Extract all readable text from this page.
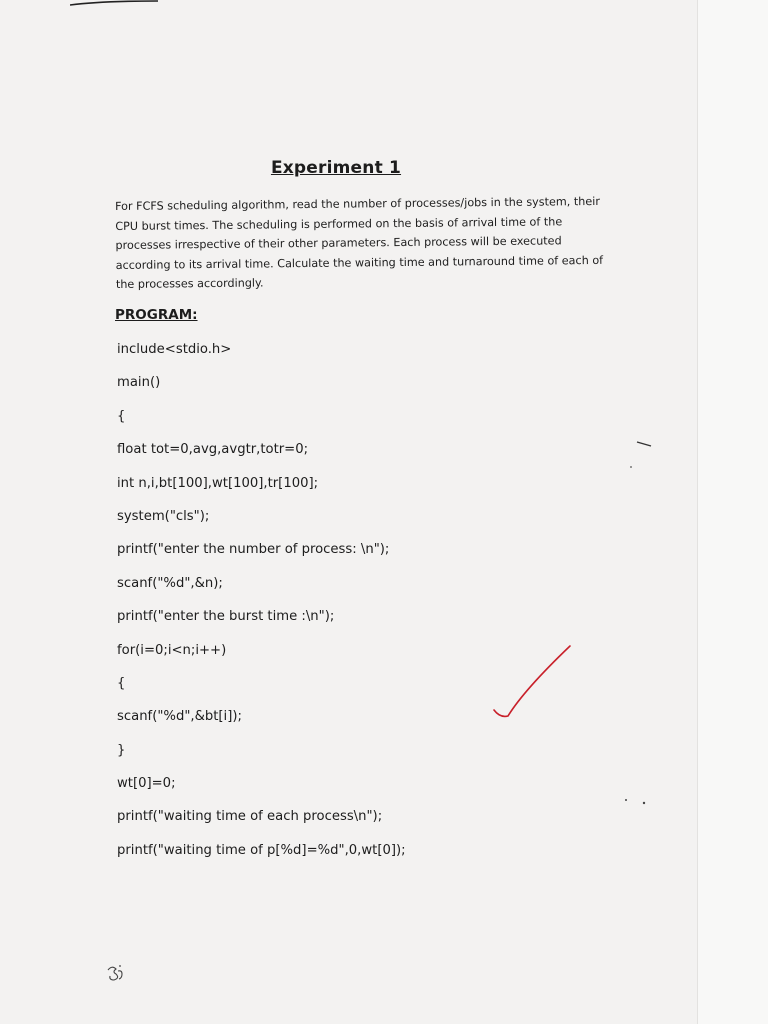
Experiment 1
For FCFS scheduling algorithm, read the number of processes/jobs in the system, their
CPU burst times. The scheduling is performed on the basis of arrival time of the
processes irrespective of their other parameters. Each process will be executed
according to its arrival time. Calculate the waiting time and turnaround time of each of
the processes accordingly.
PROGRAM:
include<stdio.h>
main()
{
float tot=0,avg,avgtr,totr=0;
int n,i,bt[100],wt[100],tr[100];
system("cls");
printf("enter the number of process: \n");
scanf("%d",&n);
printf("enter the burst time :\n");
for(i=0;i<n;i++)
{
scanf("%d",&bt[i]);
}
wt[0]=0;
printf("waiting time of each process\n");
printf("waiting time of p[%d]=%d",0,wt[0]);
